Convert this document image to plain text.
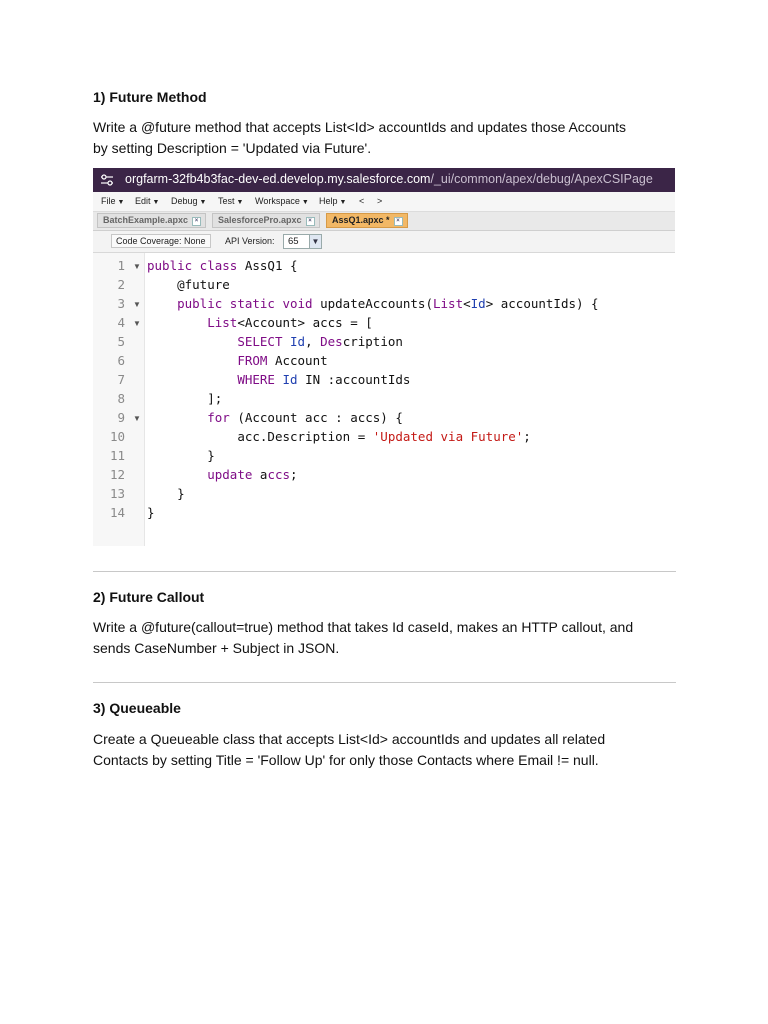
1) Future Method

Write a @future method that accepts List<Id> accountIds and updates those Accounts
by setting Description = 'Updated via Future'.

orgfarm-32fb4b3fac-dev-ed.develop.my.salesforce.com/_ui/common/apex/debug/ApexCSIPage
File ▼ Edit ▼ Debug ▼ Test ▼ Workspace ▼ Help ▼ < >
BatchExample.apxc ×	SalesforcePro.apxc ×	AssQ1.apxc * ×
Code Coverage: None	API Version:	65	▼
1
2
3
4
5
6
7
8
9
10
11
12
13
14
▼
▼
▼
▼
public class AssQ1 {
@future
public static void updateAccounts(List<Id> accountIds) {
List<Account> accs = [
SELECT Id, Description
FROM Account
WHERE Id IN :accountIds
];
for (Account acc : accs) {
acc.Description = 'Updated via Future';
}
update accs;
}
}
2) Future Callout

Write a @future(callout=true) method that takes Id caseId, makes an HTTP callout, and
sends CaseNumber + Subject in JSON.

3) Queueable

Create a Queueable class that accepts List<Id> accountIds and updates all related
Contacts by setting Title = 'Follow Up' for only those Contacts where Email != null.
